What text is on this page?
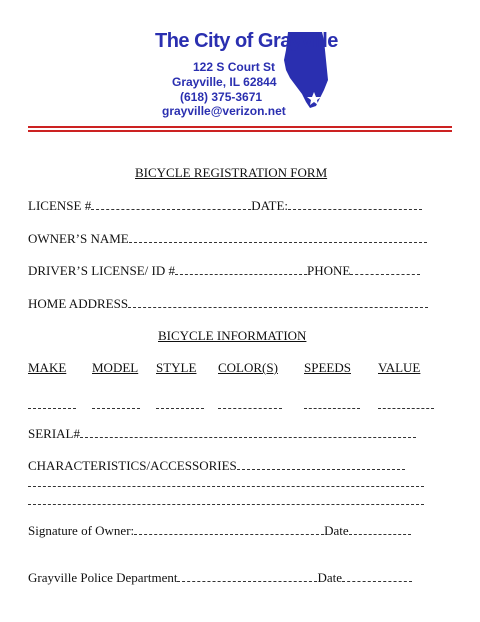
The City of Grayville
122 S Court St
Grayville, IL 62844
(618) 375-3671
grayville@verizon.net
BICYCLE REGISTRATION FORM
LICENSE #	DATE:
OWNER’S NAME
DRIVER’S LICENSE/ ID #	PHONE
HOME ADDRESS
BICYCLE INFORMATION
MAKE MODEL STYLE COLOR(S) SPEEDS VALUE
SERIAL#
CHARACTERISTICS/ACCESSORIES
Signature of Owner:	Date
Grayville Police Department	Date
